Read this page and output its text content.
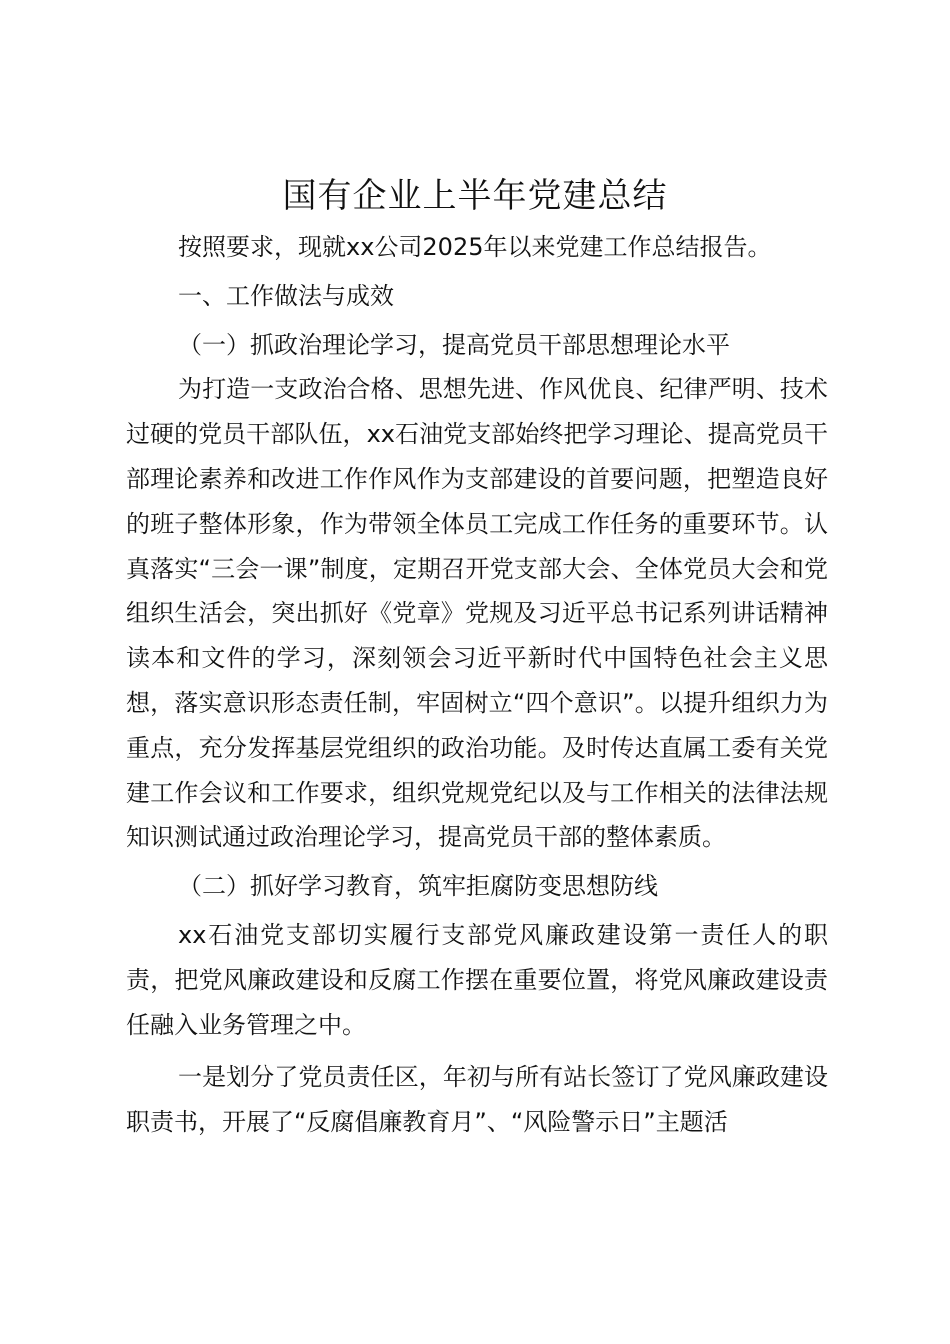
国有企业上半年党建总结

按照要求，现就xx公司2025年以来党建工作总结报告。

一、工作做法与成效

（一）抓政治理论学习，提高党员干部思想理论水平

为打造一支政治合格、思想先进、作风优良、纪律严明、技术过硬的党员干部队伍，xx石油党支部始终把学习理论、提高党员干部理论素养和改进工作作风作为支部建设的首要问题，把塑造良好的班子整体形象，作为带领全体员工完成工作任务的重要环节。认真落实“三会一课”制度，定期召开党支部大会、全体党员大会和党组织生活会，突出抓好《党章》党规及习近平总书记系列讲话精神读本和文件的学习，深刻领会习近平新时代中国特色社会主义思想，落实意识形态责任制，牢固树立“四个意识”。以提升组织力为重点，充分发挥基层党组织的政治功能。及时传达直属工委有关党建工作会议和工作要求，组织党规党纪以及与工作相关的法律法规知识测试通过政治理论学习，提高党员干部的整体素质。

（二）抓好学习教育，筑牢拒腐防变思想防线

xx石油党支部切实履行支部党风廉政建设第一责任人的职责，把党风廉政建设和反腐工作摆在重要位置，将党风廉政建设责任融入业务管理之中。

一是划分了党员责任区，年初与所有站长签订了党风廉政建设职责书，开展了“反腐倡廉教育月”、“风险警示日”主题活
